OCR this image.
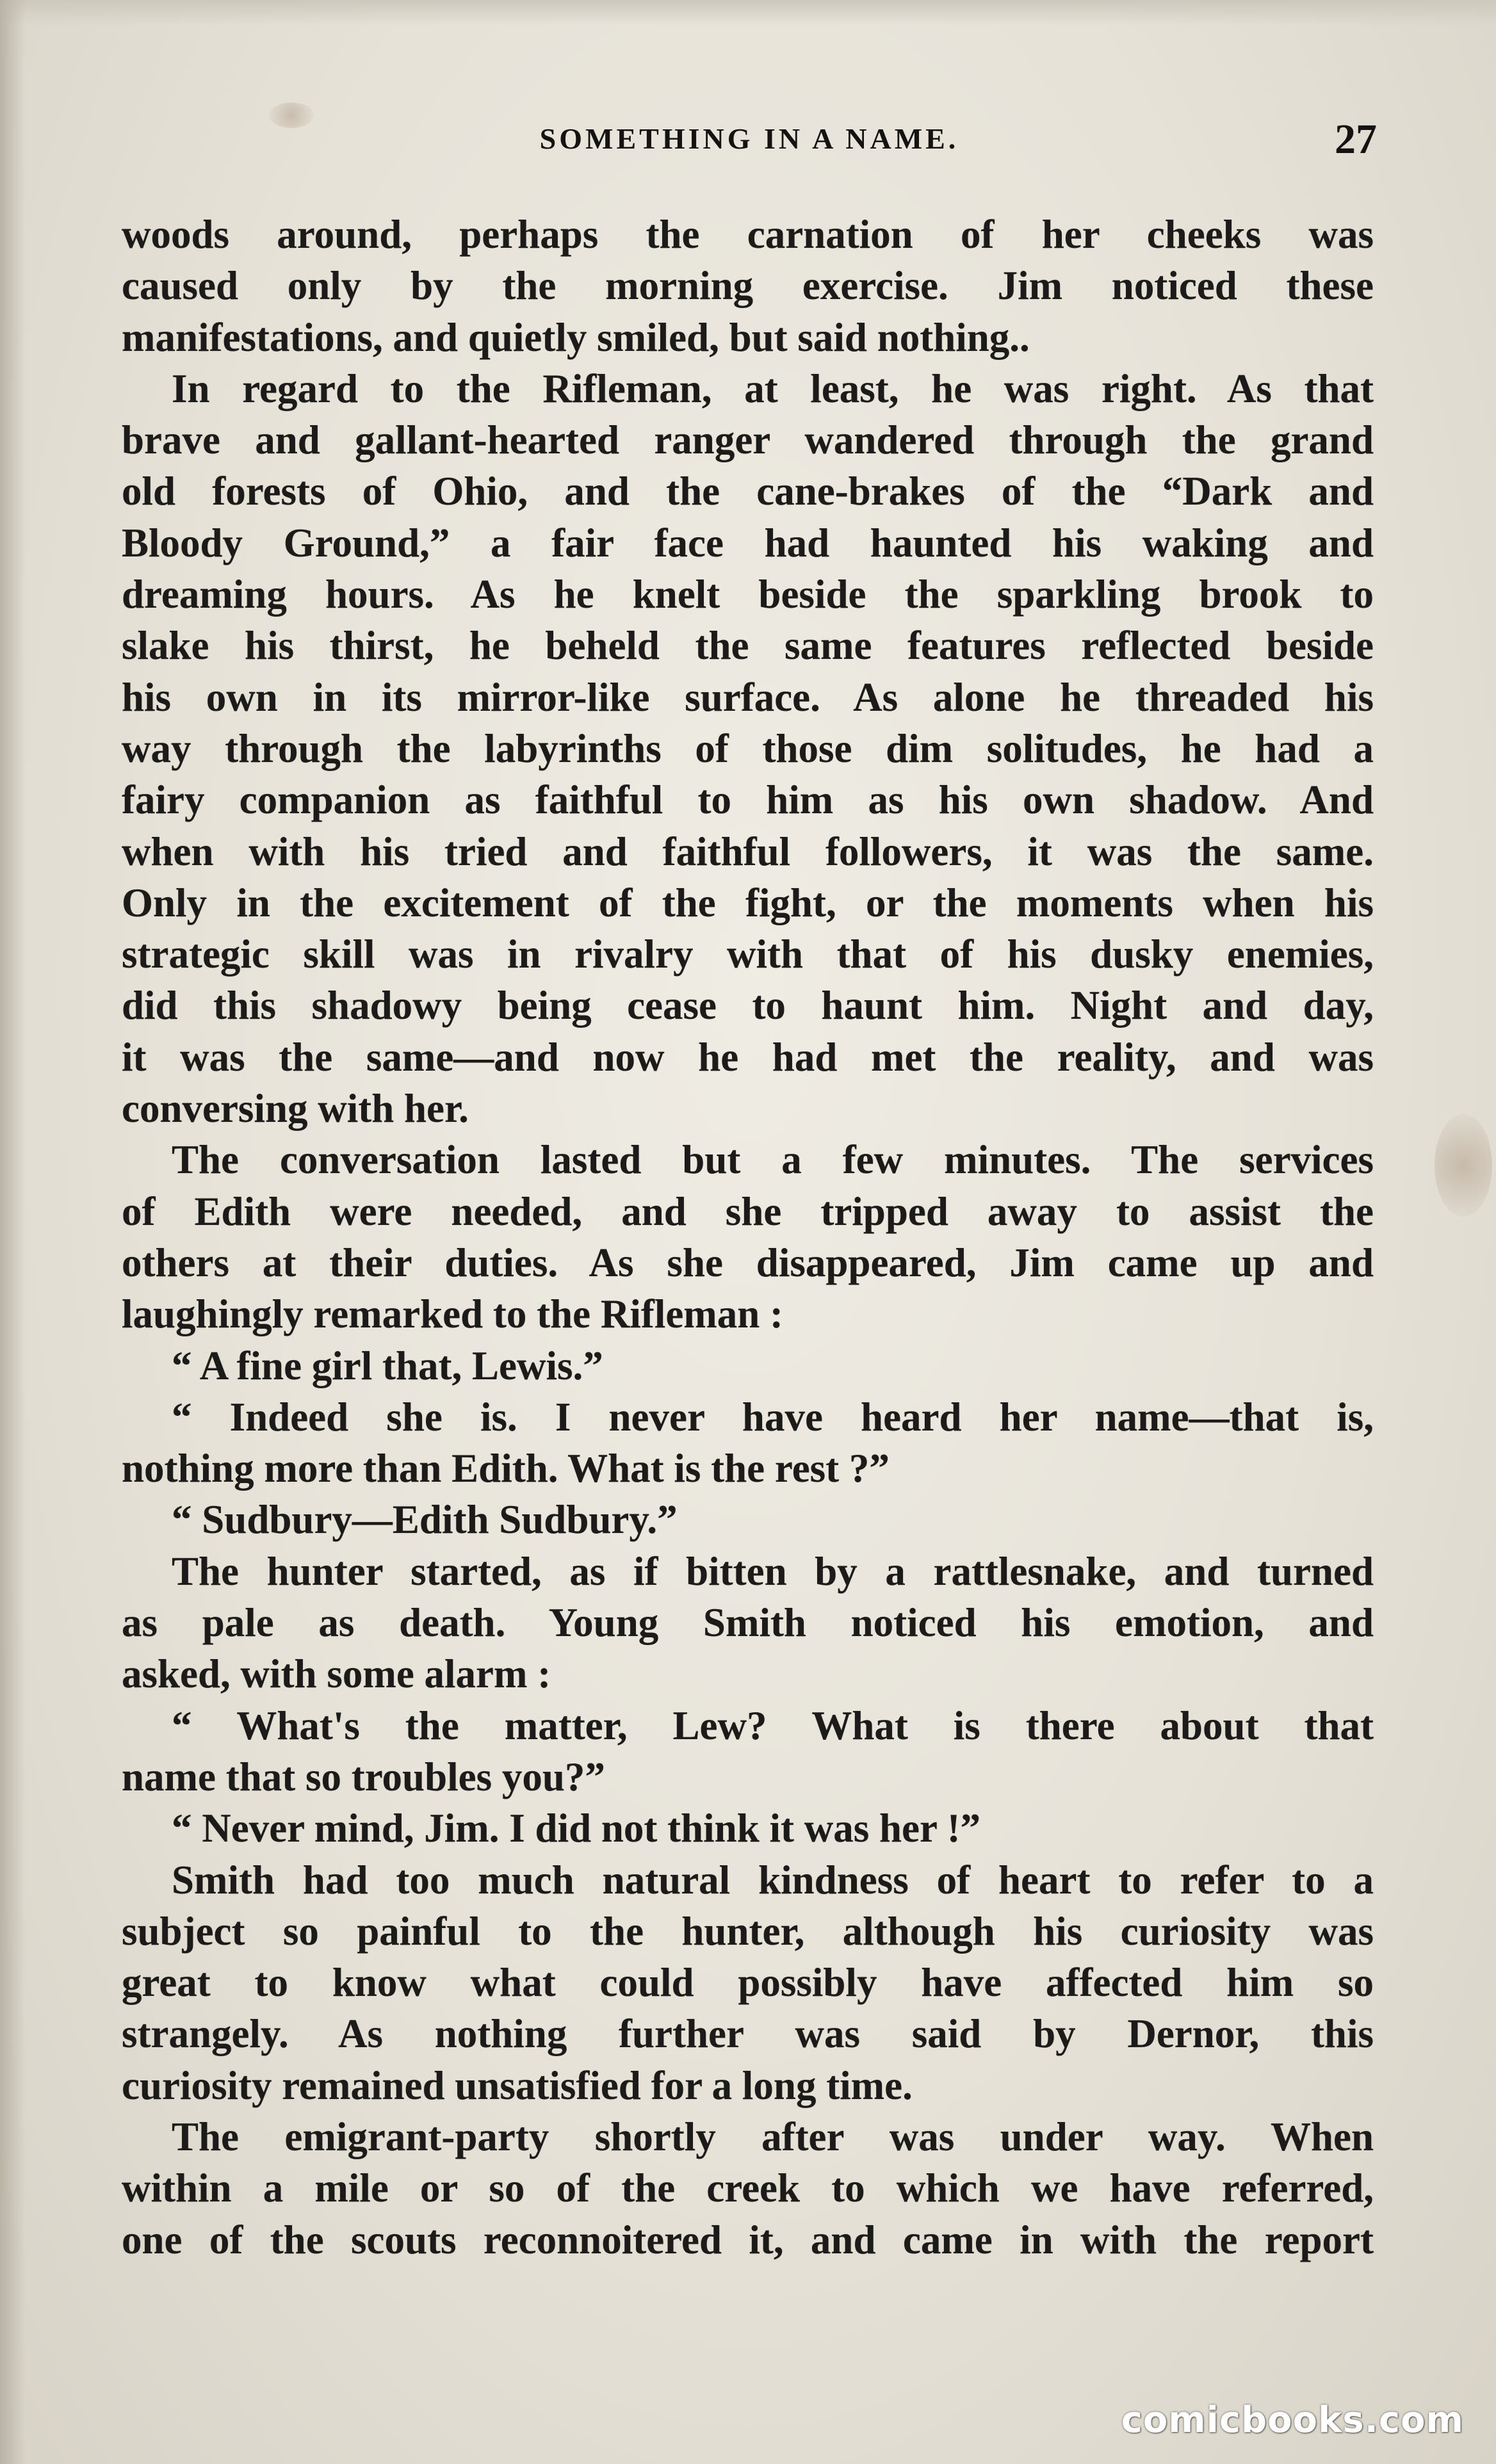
SOMETHING IN A NAME.	27
woods around, perhaps the carnation of her cheeks was
caused only by the morning exercise. Jim noticed these
manifestations, and quietly smiled, but said nothing..
In regard to the Rifleman, at least, he was right. As that
brave and gallant-hearted ranger wandered through the grand
old forests of Ohio, and the cane-brakes of the “Dark and
Bloody Ground,” a fair face had haunted his waking and
dreaming hours. As he knelt beside the sparkling brook to
slake his thirst, he beheld the same features reflected beside
his own in its mirror-like surface. As alone he threaded his
way through the labyrinths of those dim solitudes, he had a
fairy companion as faithful to him as his own shadow. And
when with his tried and faithful followers, it was the same.
Only in the excitement of the fight, or the moments when his
strategic skill was in rivalry with that of his dusky enemies,
did this shadowy being cease to haunt him. Night and day,
it was the same—and now he had met the reality, and was
conversing with her.
The conversation lasted but a few minutes. The services
of Edith were needed, and she tripped away to assist the
others at their duties. As she disappeared, Jim came up and
laughingly remarked to the Rifleman :
“ A fine girl that, Lewis.”
“ Indeed she is. I never have heard her name—that is,
nothing more than Edith. What is the rest ?”
“ Sudbury—Edith Sudbury.”
The hunter started, as if bitten by a rattlesnake, and turned
as pale as death. Young Smith noticed his emotion, and
asked, with some alarm :
“ What's the matter, Lew? What is there about that
name that so troubles you?”
“ Never mind, Jim. I did not think it was her !”
Smith had too much natural kindness of heart to refer to a
subject so painful to the hunter, although his curiosity was
great to know what could possibly have affected him so
strangely. As nothing further was said by Dernor, this
curiosity remained unsatisfied for a long time.
The emigrant-party shortly after was under way. When
within a mile or so of the creek to which we have referred,
one of the scouts reconnoitered it, and came in with the report
comicbooks.com
